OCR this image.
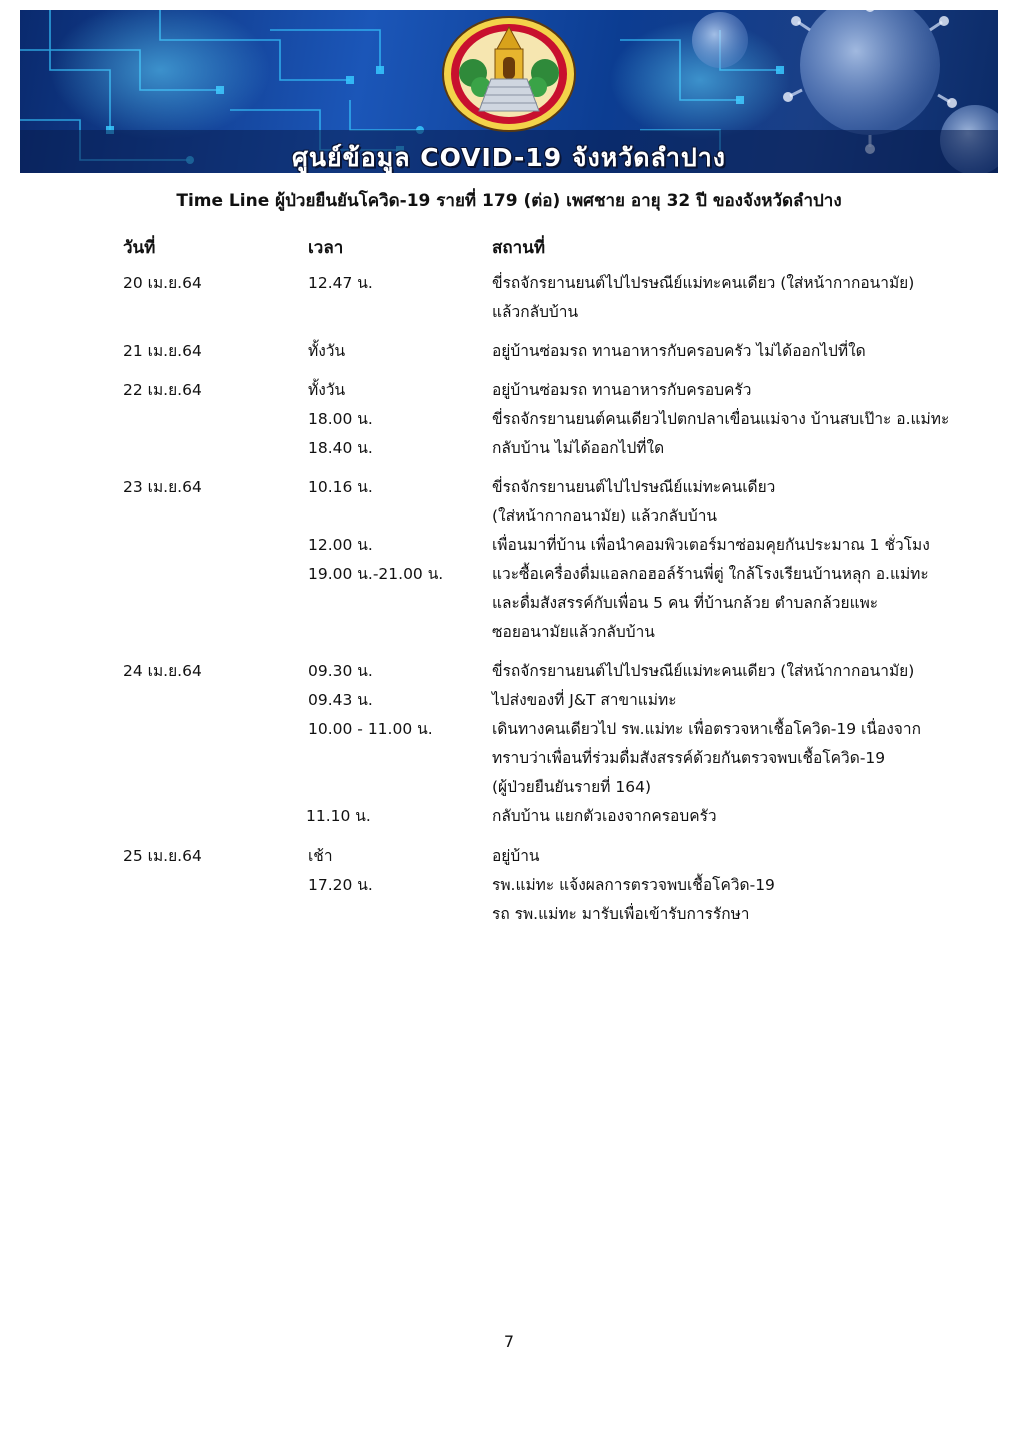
ศูนย์ข้อมูล COVID-19 จังหวัดลำปาง
Time Line ผู้ป่วยยืนยันโควิด-19 รายที่ 179 (ต่อ) เพศชาย อายุ 32 ปี ของจังหวัดลำปาง
วันที่	เวลา	สถานที่
20 เม.ย.64	12.47 น.	ขี่รถจักรยานยนต์ไปไปรษณีย์แม่ทะคนเดียว (ใส่หน้ากากอนามัย)
แล้วกลับบ้าน
21 เม.ย.64	ทั้งวัน	อยู่บ้านซ่อมรถ ทานอาหารกับครอบครัว ไม่ได้ออกไปที่ใด
22 เม.ย.64	ทั้งวัน	อยู่บ้านซ่อมรถ ทานอาหารกับครอบครัว
18.00 น.	ขี่รถจักรยานยนต์คนเดียวไปตกปลาเขื่อนแม่จาง บ้านสบเป๊าะ อ.แม่ทะ
18.40 น.	กลับบ้าน ไม่ได้ออกไปที่ใด
23 เม.ย.64	10.16 น.	ขี่รถจักรยานยนต์ไปไปรษณีย์แม่ทะคนเดียว
(ใส่หน้ากากอนามัย) แล้วกลับบ้าน
12.00 น.	เพื่อนมาที่บ้าน เพื่อนำคอมพิวเตอร์มาซ่อมคุยกันประมาณ 1 ชั่วโมง
19.00 น.-21.00 น.	แวะซื้อเครื่องดื่มแอลกอฮอล์ร้านพี่ตู่ ใกล้โรงเรียนบ้านหลุก อ.แม่ทะ
และดื่มสังสรรค์กับเพื่อน 5 คน ที่บ้านกล้วย ตำบลกล้วยแพะ
ซอยอนามัยแล้วกลับบ้าน
24 เม.ย.64	09.30 น.	ขี่รถจักรยานยนต์ไปไปรษณีย์แม่ทะคนเดียว (ใส่หน้ากากอนามัย)
09.43 น.	ไปส่งของที่ J&T สาขาแม่ทะ
10.00 - 11.00 น.	เดินทางคนเดียวไป รพ.แม่ทะ เพื่อตรวจหาเชื้อโควิด-19 เนื่องจาก
ทราบว่าเพื่อนที่ร่วมดื่มสังสรรค์ด้วยกันตรวจพบเชื้อโควิด-19
(ผู้ป่วยยืนยันรายที่ 164)
11.10 น.	กลับบ้าน แยกตัวเองจากครอบครัว
25 เม.ย.64	เช้า	อยู่บ้าน
17.20 น.	รพ.แม่ทะ แจ้งผลการตรวจพบเชื้อโควิด-19
รถ รพ.แม่ทะ มารับเพื่อเข้ารับการรักษา
7
